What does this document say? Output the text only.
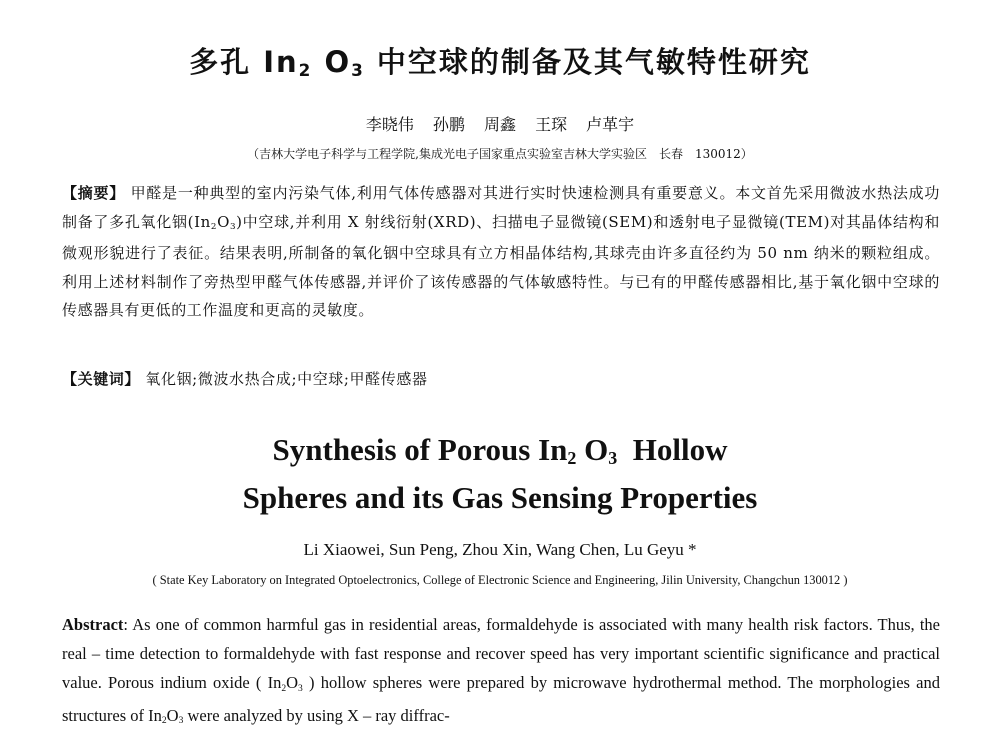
多孔 $In_2$ $O_3$ 中空球的制备及其气敏特性研究
李晓伟 孙鹏 周鑫 王琛 卢革宇
（吉林大学电子科学与工程学院,集成光电子国家重点实验室吉林大学实验区　长春　130012）
【摘要】 甲醛是一种典型的室内污染气体,利用气体传感器对其进行实时快速检测具有重要意义。本文首先采用微波水热法成功制备了多孔氧化铟$(In_2O_3)$中空球,并利用 X 射线衍射(XRD)、扫描电子显微镜(SEM)和透射电子显微镜(TEM)对其晶体结构和微观形貌进行了表征。结果表明,所制备的氧化铟中空球具有立方相晶体结构,其球壳由许多直径约为 50 nm 纳米的颗粒组成。利用上述材料制作了旁热型甲醛气体传感器,并评价了该传感器的气体敏感特性。与已有的甲醛传感器相比,基于氧化铟中空球的传感器具有更低的工作温度和更高的灵敏度。
【关键词】 氧化铟;微波水热合成;中空球;甲醛传感器
Synthesis of Porous $In_2$ $O_3$  Hollow
Spheres and its Gas Sensing Properties
Li Xiaowei, Sun Peng, Zhou Xin, Wang Chen, Lu Geyu *
( State Key Laboratory on Integrated Optoelectronics, College of Electronic Science and Engineering, Jilin University, Changchun 130012 )
Abstract: As one of common harmful gas in residential areas, formaldehyde is associated with many health risk factors. Thus, the real – time detection to formaldehyde with fast response and recover speed has very important scientific significance and practical value. Porous indium oxide ( $In_2O_3$ ) hollow spheres were prepared by microwave hydrothermal method. The morphologies and structures of $In_2O_3$ were analyzed by using X – ray diffrac-
